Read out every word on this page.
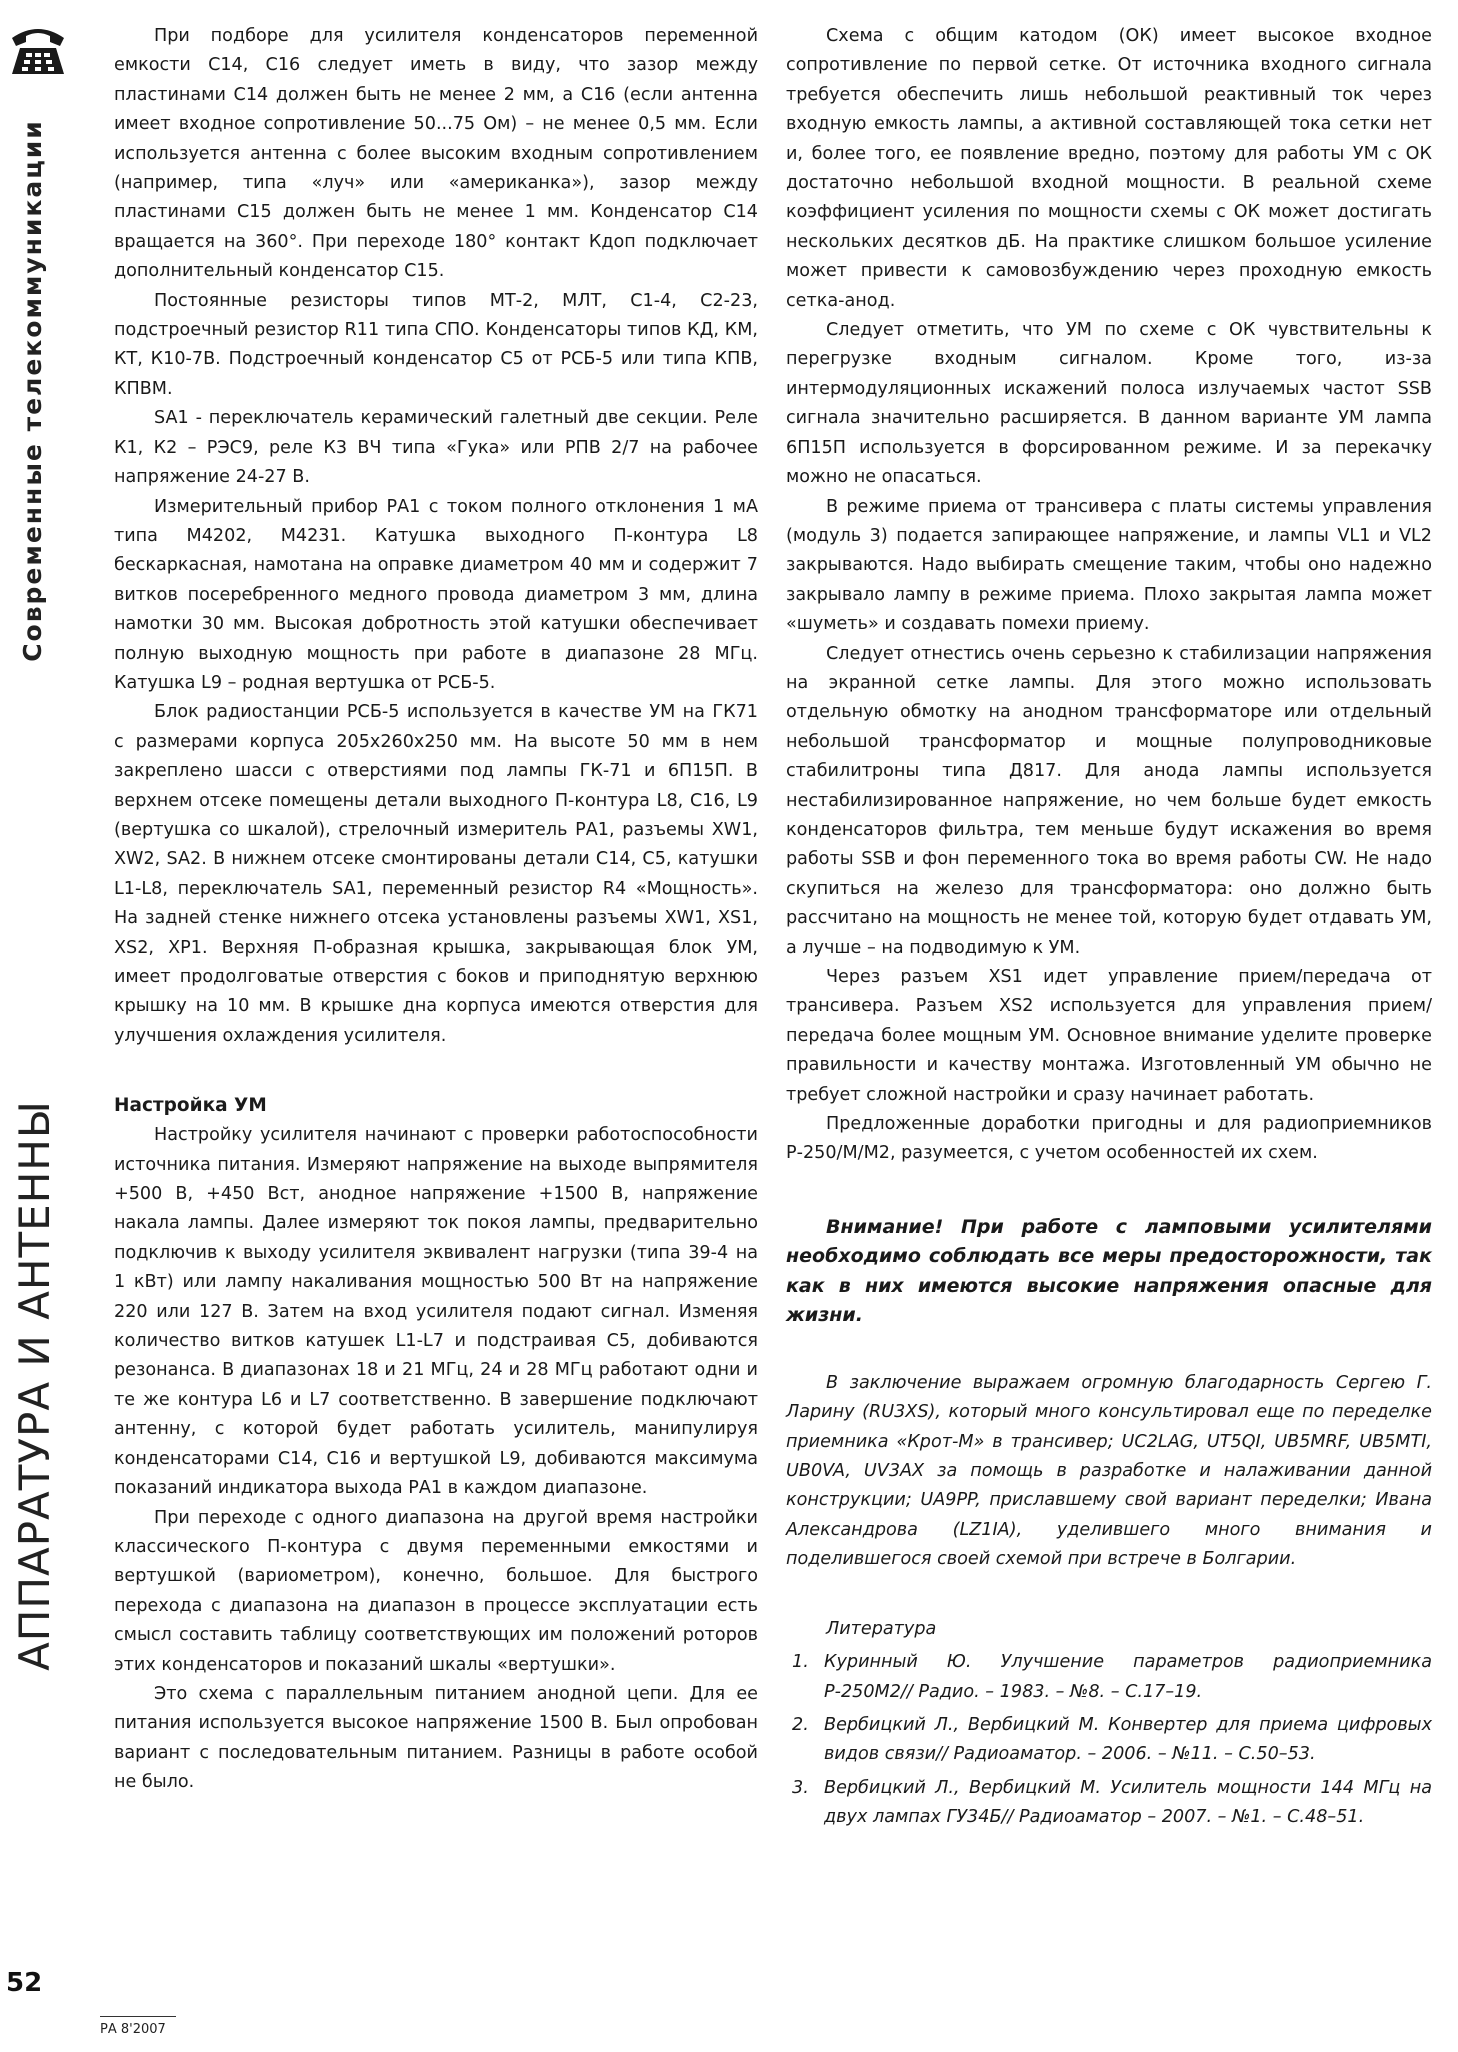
Современные телекоммуникации
АППАРАТУРА И АНТЕННЫ
52
РА 8'2007

При подборе для усилителя конденсаторов переменной емкости С14, С16 следует иметь в виду, что зазор между пластинами С14 должен быть не менее 2 мм, а С16 (если антенна имеет входное сопротивление 50...75 Ом) – не менее 0,5 мм. Если используется антенна с более высоким входным сопротивлением (например, типа «луч» или «американка»), зазор между пластинами С15 должен быть не менее 1 мм. Конденсатор С14 вращается на 360°. При переходе 180° контакт Кдоп подключает дополнительный конденсатор С15.

Постоянные резисторы типов МТ-2, МЛТ, С1-4, С2-23, подстроечный резистор R11 типа СПО. Конденсаторы типов КД, КМ, КТ, К10-7В. Подстроечный конденсатор С5 от РСБ-5 или типа КПВ, КПВМ.

SA1 - переключатель керамический галетный две секции. Реле К1, К2 – РЭС9, реле К3 ВЧ типа «Гука» или РПВ 2/7 на рабочее напряжение 24-27 В.

Измерительный прибор РА1 с током полного отклонения 1 мА типа М4202, М4231. Катушка выходного П-контура L8 бескаркасная, намотана на оправке диаметром 40 мм и содержит 7 витков посеребренного медного провода диаметром 3 мм, длина намотки 30 мм. Высокая добротность этой катушки обеспечивает полную выходную мощность при работе в диапазоне 28 МГц. Катушка L9 – родная вертушка от РСБ-5.

Блок радиостанции РСБ-5 используется в качестве УМ на ГК71 с размерами корпуса 205х260х250 мм. На высоте 50 мм в нем закреплено шасси с отверстиями под лампы ГК-71 и 6П15П. В верхнем отсеке помещены детали выходного П-контура L8, С16, L9 (вертушка со шкалой), стрелочный измеритель РА1, разъемы XW1, XW2, SA2. В нижнем отсеке смонтированы детали С14, С5, катушки L1-L8, переключатель SA1, переменный резистор R4 «Мощность». На задней стенке нижнего отсека установлены разъемы XW1, XS1, XS2, XP1. Верхняя П-образная крышка, закрывающая блок УМ, имеет продолговатые отверстия с боков и приподнятую верхнюю крышку на 10 мм. В крышке дна корпуса имеются отверстия для улучшения охлаждения усилителя.

Настройка УМ

Настройку усилителя начинают с проверки работоспособности источника питания. Измеряют напряжение на выходе выпрямителя +500 В, +450 Вст, анодное напряжение +1500 В, напряжение накала лампы. Далее измеряют ток покоя лампы, предварительно подключив к выходу усилителя эквивалент нагрузки (типа 39-4 на 1 кВт) или лампу накаливания мощностью 500 Вт на напряжение 220 или 127 В. Затем на вход усилителя подают сигнал. Изменяя количество витков катушек L1-L7 и подстраивая С5, добиваются резонанса. В диапазонах 18 и 21 МГц, 24 и 28 МГц работают одни и те же контура L6 и L7 соответственно. В завершение подключают антенну, с которой будет работать усилитель, манипулируя конденсаторами С14, С16 и вертушкой L9, добиваются максимума показаний индикатора выхода РА1 в каждом диапазоне.

При переходе с одного диапазона на другой время настройки классического П-контура с двумя переменными емкостями и вертушкой (вариометром), конечно, большое. Для быстрого перехода с диапазона на диапазон в процессе эксплуатации есть смысл составить таблицу соответствующих им положений роторов этих конденсаторов и показаний шкалы «вертушки».

Это схема с параллельным питанием анодной цепи. Для ее питания используется высокое напряжение 1500 В. Был опробован вариант с последовательным питанием. Разницы в работе особой не было.

Схема с общим катодом (ОК) имеет высокое входное сопротивление по первой сетке. От источника входного сигнала требуется обеспечить лишь небольшой реактивный ток через входную емкость лампы, а активной составляющей тока сетки нет и, более того, ее появление вредно, поэтому для работы УМ с ОК достаточно небольшой входной мощности. В реальной схеме коэффициент усиления по мощности схемы с ОК может достигать нескольких десятков дБ. На практике слишком большое усиление может привести к самовозбуждению через проходную емкость сетка-анод.

Следует отметить, что УМ по схеме с ОК чувствительны к перегрузке входным сигналом. Кроме того, из-за интермодуляционных искажений полоса излучаемых частот SSB сигнала значительно расширяется. В данном варианте УМ лампа 6П15П используется в форсированном режиме. И за перекачку можно не опасаться.

В режиме приема от трансивера с платы системы управления (модуль 3) подается запирающее напряжение, и лампы VL1 и VL2 закрываются. Надо выбирать смещение таким, чтобы оно надежно закрывало лампу в режиме приема. Плохо закрытая лампа может «шуметь» и создавать помехи приему.

Следует отнестись очень серьезно к стабилизации напряжения на экранной сетке лампы. Для этого можно использовать отдельную обмотку на анодном трансформаторе или отдельный небольшой трансформатор и мощные полупроводниковые стабилитроны типа Д817. Для анода лампы используется нестабилизированное напряжение, но чем больше будет емкость конденсаторов фильтра, тем меньше будут искажения во время работы SSB и фон переменного тока во время работы CW. Не надо скупиться на железо для трансформатора: оно должно быть рассчитано на мощность не менее той, которую будет отдавать УМ, а лучше – на подводимую к УМ.

Через разъем XS1 идет управление прием/передача от трансивера. Разъем XS2 используется для управления прием/передача более мощным УМ. Основное внимание уделите проверке правильности и качеству монтажа. Изготовленный УМ обычно не требует сложной настройки и сразу начинает работать.

Предложенные доработки пригодны и для радиоприемников Р-250/М/М2, разумеется, с учетом особенностей их схем.

Внимание! При работе с ламповыми усилителями необходимо соблюдать все меры предосторожности, так как в них имеются высокие напряжения опасные для жизни.

В заключение выражаем огромную благодарность Сергею Г. Ларину (RU3XS), который много консультировал еще по переделке приемника «Крот-М» в трансивер; UC2LAG, UT5QI, UB5MRF, UB5MTI, UB0VA, UV3AX за помощь в разработке и налаживании данной конструкции; UA9PP, приславшему свой вариант переделки; Ивана Александрова (LZ1IA), уделившего много внимания и поделившегося своей схемой при встрече в Болгарии.

Литература

1. Куринный Ю. Улучшение параметров радиоприемника Р-250М2// Радио. – 1983. – №8. – С.17–19.
2. Вербицкий Л., Вербицкий М. Конвертер для приема цифровых видов связи// Радиоаматор. – 2006. – №11. – С.50–53.
3. Вербицкий Л., Вербицкий М. Усилитель мощности 144 МГц на двух лампах ГУ34Б// Радиоаматор – 2007. – №1. – С.48–51.
